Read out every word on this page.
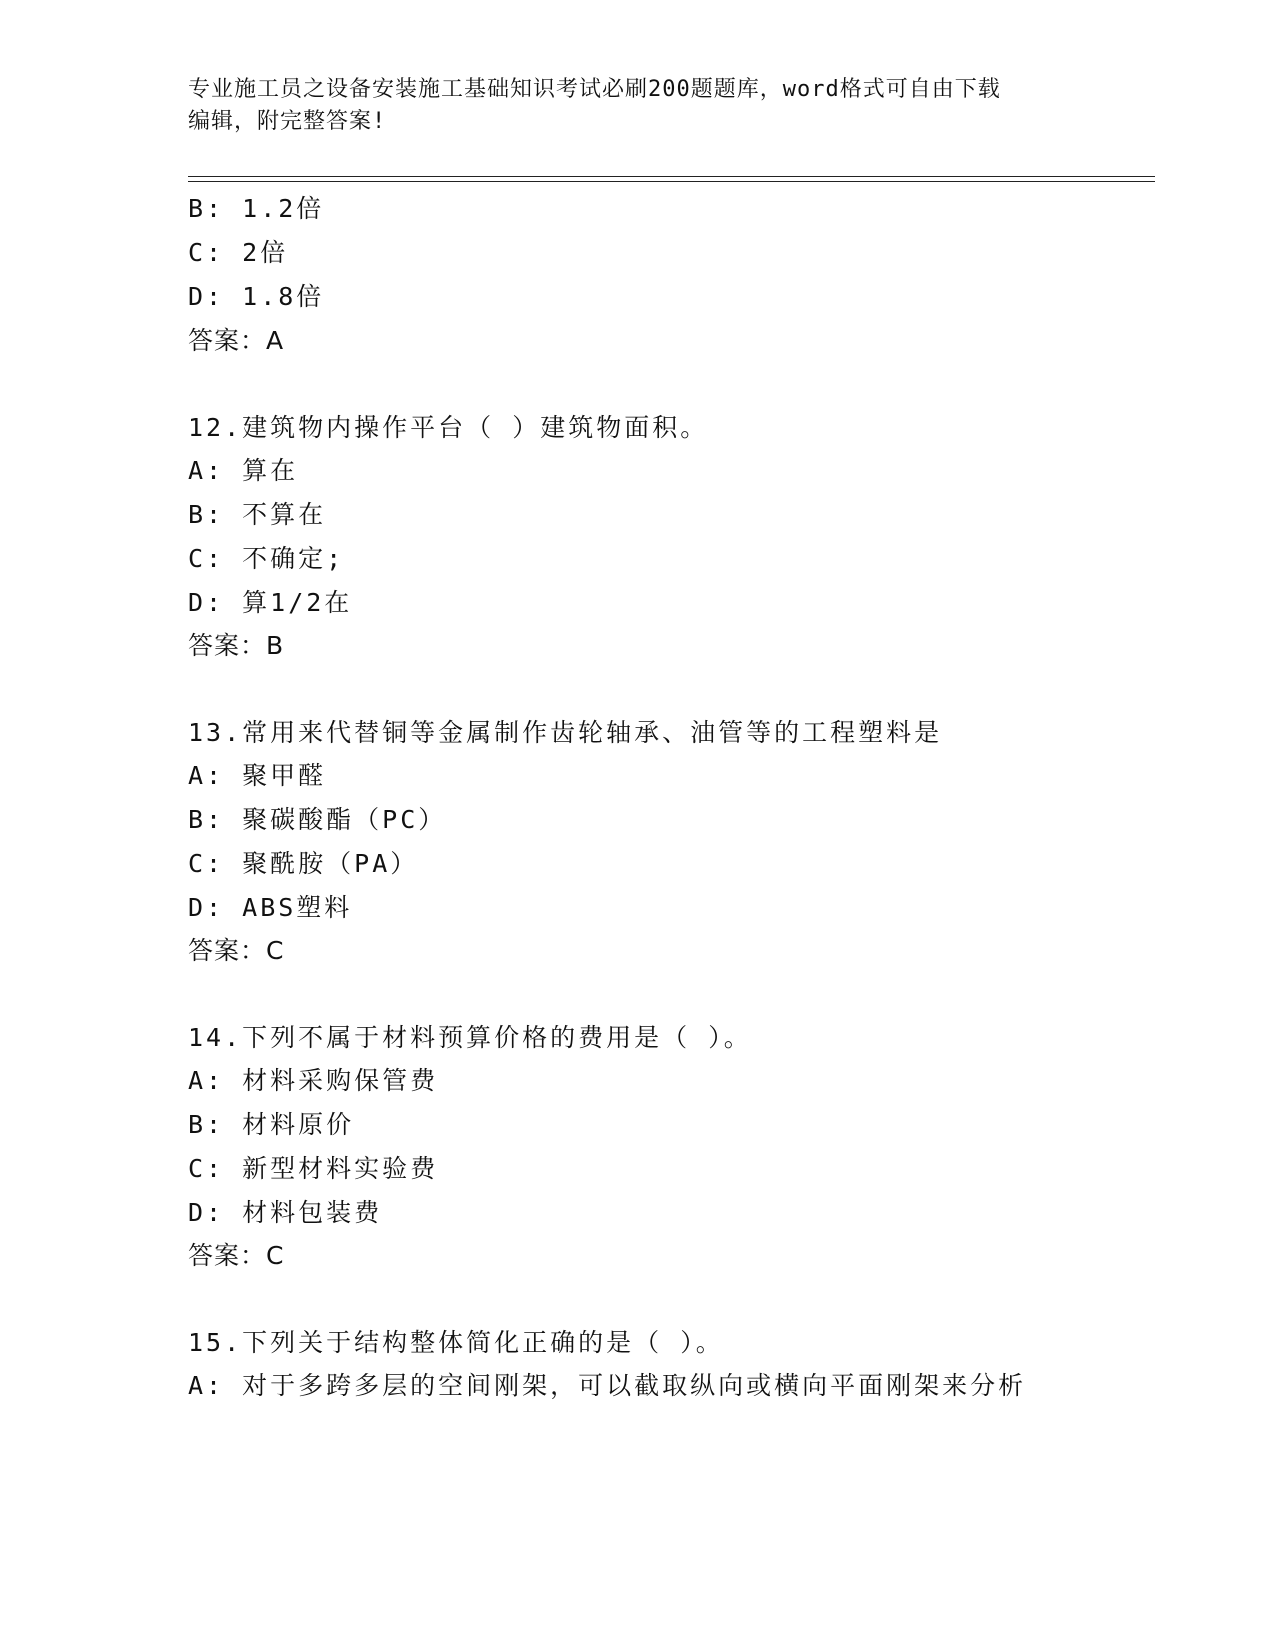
专业施工员之设备安装施工基础知识考试必刷200题题库，word格式可自由下载
编辑，附完整答案!
B: 1.2倍
C: 2倍
D: 1.8倍
答案：A
12.建筑物内操作平台（ ）建筑物面积。
A: 算在
B: 不算在
C: 不确定;
D: 算1/2在
答案：B
13.常用来代替铜等金属制作齿轮轴承、油管等的工程塑料是
A: 聚甲醛
B: 聚碳酸酯（PC）
C: 聚酰胺（PA）
D: ABS塑料
答案：C
14.下列不属于材料预算价格的费用是（ ）。
A: 材料采购保管费
B: 材料原价
C: 新型材料实验费
D: 材料包装费
答案：C
15.下列关于结构整体简化正确的是（ ）。
A: 对于多跨多层的空间刚架，可以截取纵向或横向平面刚架来分析
